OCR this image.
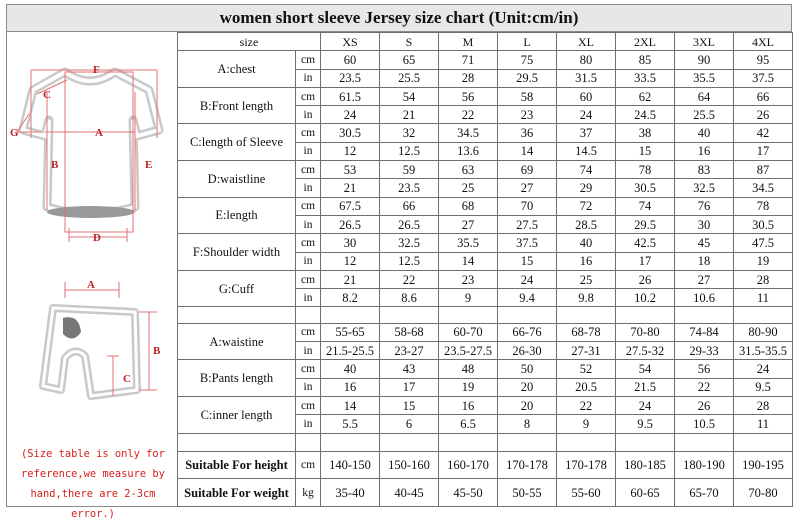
women short sleeve Jersey size chart (Unit:cm/in)
F
C
G	A
B	E
D
A
B
C
(Size table is only for
reference,we measure by
hand,there are 2-3cm error.)
size		XS	S	M	L	XL	2XL	3XL	4XL
A:chest	cm	60	65	71	75	80	85	90	95
	in	23.5	25.5	28	29.5	31.5	33.5	35.5	37.5
B:Front length	cm	61.5	54	56	58	60	62	64	66
	in	24	21	22	23	24	24.5	25.5	26
C:length of Sleeve	cm	30.5	32	34.5	36	37	38	40	42
	in	12	12.5	13.6	14	14.5	15	16	17
D:waistline	cm	53	59	63	69	74	78	83	87
	in	21	23.5	25	27	29	30.5	32.5	34.5
E:length	cm	67.5	66	68	70	72	74	76	78
	in	26.5	26.5	27	27.5	28.5	29.5	30	30.5
F:Shoulder width	cm	30	32.5	35.5	37.5	40	42.5	45	47.5
	in	12	12.5	14	15	16	17	18	19
G:Cuff	cm	21	22	23	24	25	26	27	28
	in	8.2	8.6	9	9.4	9.8	10.2	10.6	11

A:waistine	cm	55-65	58-68	60-70	66-76	68-78	70-80	74-84	80-90
	in	21.5-25.5	23-27	23.5-27.5	26-30	27-31	27.5-32	29-33	31.5-35.5
B:Pants length	cm	40	43	48	50	52	54	56	24
	in	16	17	19	20	20.5	21.5	22	9.5
C:inner length	cm	14	15	16	20	22	24	26	28
	in	5.5	6	6.5	8	9	9.5	10.5	11

Suitable For height	cm	140-150	150-160	160-170	170-178	170-178	180-185	180-190	190-195
Suitable For weight	kg	35-40	40-45	45-50	50-55	55-60	60-65	65-70	70-80
